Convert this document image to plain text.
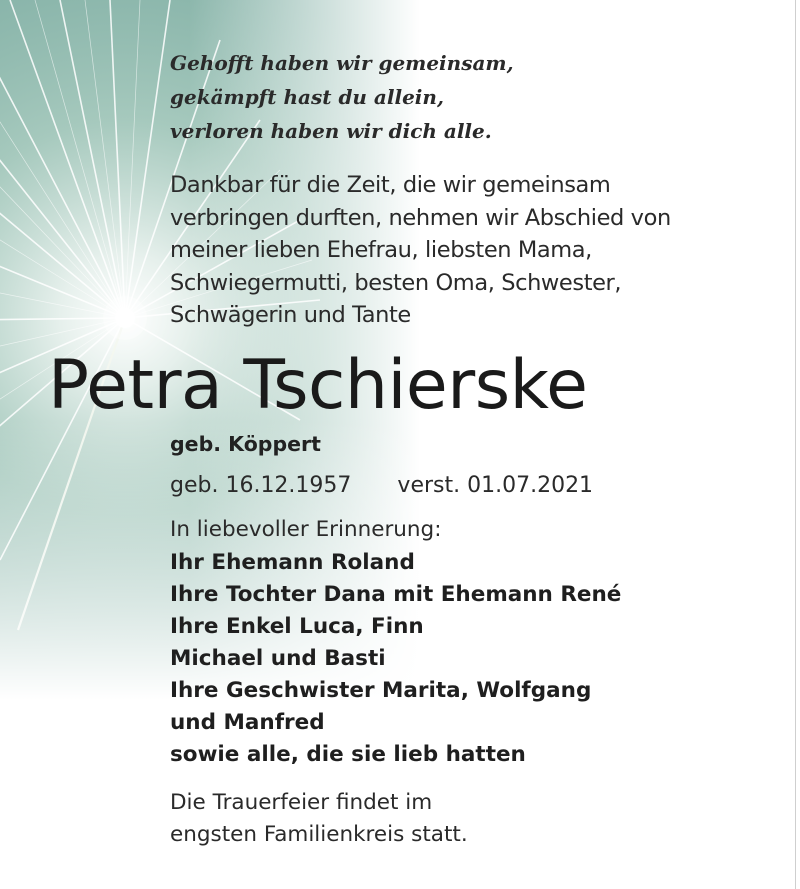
Gehofft haben wir gemeinsam,
gekämpft hast du allein,
verloren haben wir dich alle.
Dankbar für die Zeit, die wir gemeinsam
verbringen durften, nehmen wir Abschied von
meiner lieben Ehefrau, liebsten Mama,
Schwiegermutti, besten Oma, Schwester,
Schwägerin und Tante
Petra Tschierske
geb. Köppert
geb. 16.12.1957 verst. 01.07.2021
In liebevoller Erinnerung:
Ihr Ehemann Roland
Ihre Tochter Dana mit Ehemann René
Ihre Enkel Luca, Finn
Michael und Basti
Ihre Geschwister Marita, Wolfgang
und Manfred
sowie alle, die sie lieb hatten
Die Trauerfeier findet im
engsten Familienkreis statt.
